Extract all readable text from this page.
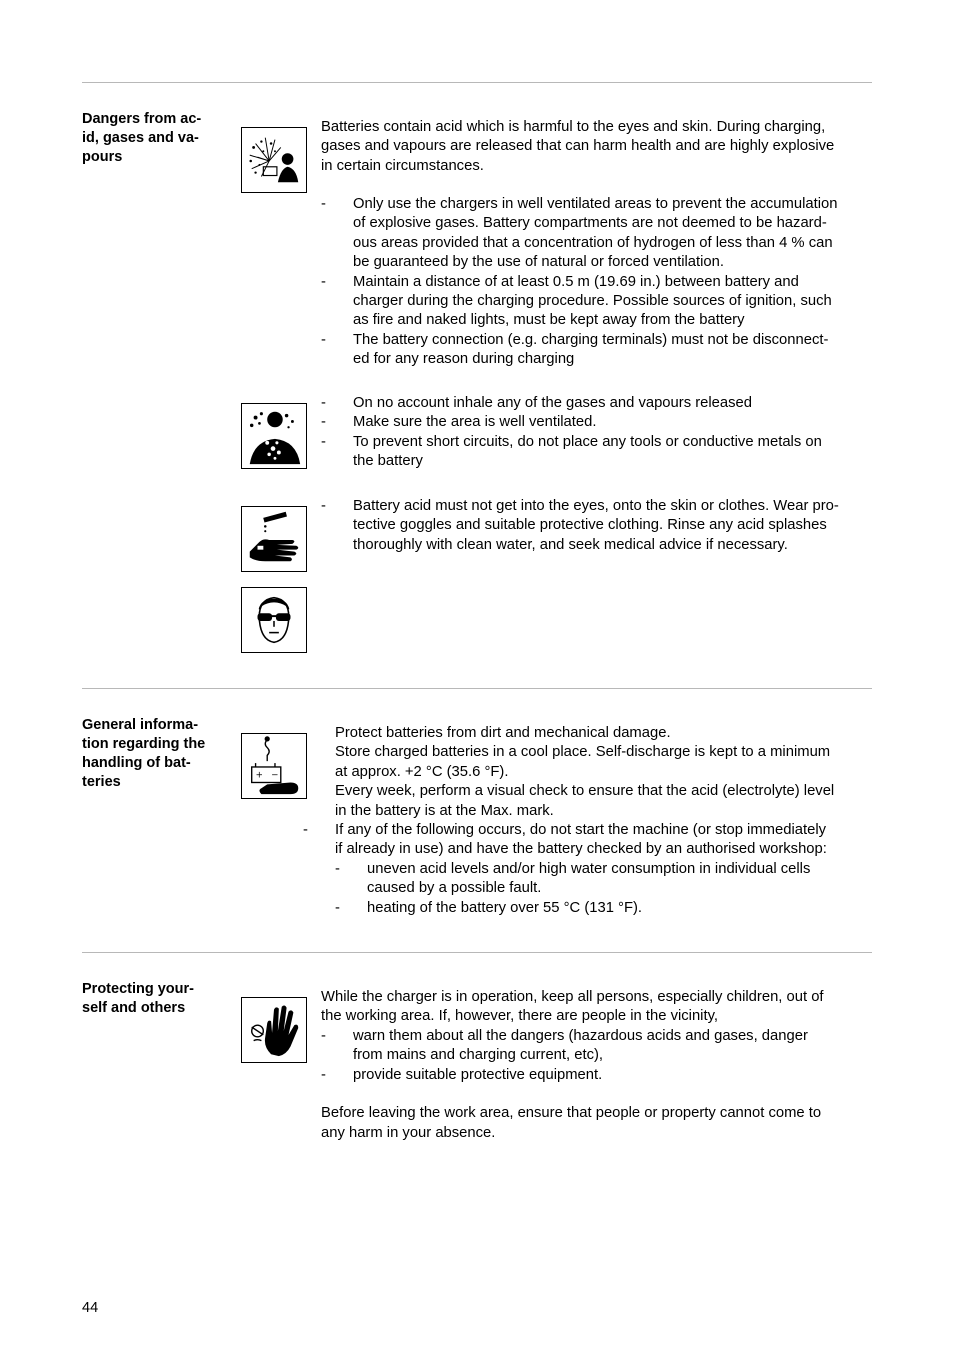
Dangers from ac-
id, gases and va-
pours
Batteries contain acid which is harmful to the eyes and skin. During charging,
gases and vapours are released that can harm health and are highly explosive
in certain circumstances.
- Only use the chargers in well ventilated areas to prevent the accumulation
of explosive gases. Battery compartments are not deemed to be hazard-
ous areas provided that a concentration of hydrogen of less than 4 % can
be guaranteed by the use of natural or forced ventilation.
- Maintain a distance of at least 0.5 m (19.69 in.) between battery and
charger during the charging procedure. Possible sources of ignition, such
as fire and naked lights, must be kept away from the battery
- The battery connection (e.g. charging terminals) must not be disconnect-
ed for any reason during charging
- On no account inhale any of the gases and vapours released
- Make sure the area is well ventilated.
- To prevent short circuits, do not place any tools or conductive metals on
the battery
- Battery acid must not get into the eyes, onto the skin or clothes. Wear pro-
tective goggles and suitable protective clothing. Rinse any acid splashes
thoroughly with clean water, and seek medical advice if necessary.
General informa-
tion regarding the
handling of bat-
teries	+ −
Protect batteries from dirt and mechanical damage.
Store charged batteries in a cool place. Self-discharge is kept to a minimum
at approx. +2 °C (35.6 °F).
Every week, perform a visual check to ensure that the acid (electrolyte) level
in the battery is at the Max. mark.
- If any of the following occurs, do not start the machine (or stop immediately
if already in use) and have the battery checked by an authorised workshop:
- uneven acid levels and/or high water consumption in individual cells
caused by a possible fault.
- heating of the battery over 55 °C (131 °F).
Protecting your-
self and others
While the charger is in operation, keep all persons, especially children, out of
the working area. If, however, there are people in the vicinity,
- warn them about all the dangers (hazardous acids and gases, danger
from mains and charging current, etc),
- provide suitable protective equipment.
Before leaving the work area, ensure that people or property cannot come to
any harm in your absence.
44
